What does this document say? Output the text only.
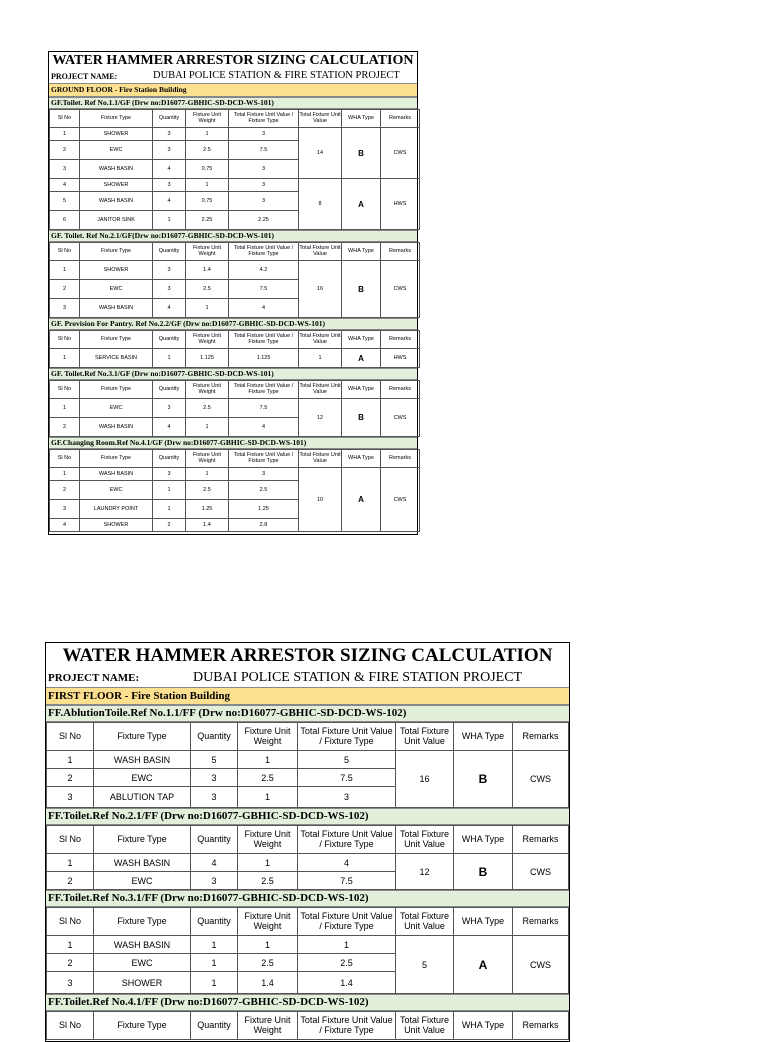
WATER HAMMER ARRESTOR SIZING CALCULATION
PROJECT NAME:	DUBAI POLICE STATION & FIRE STATION PROJECT
GROUND FLOOR - Fire Station Building
GF.Toilet. Ref No.1.1/GF (Drw no:D16077-GBHIC-SD-DCD-WS-101)
Sl No	Fixture Type	Quantity	Fixture Unit Weight	Total Fixture Unit Value / Fixture Type	Total Fixture Unit Value	WHA Type	Remarks
1	SHOWER	3	1	3	14	B	CWS
2	EWC	3	2.5	7.5			
3	WASH BASIN	4	0.75	3			
4	SHOWER	3	1	3	8	A	HWS
5	WASH BASIN	4	0.75	3			
6	JANITOR SINK	1	2.25	2.25			
GF. Toilet. Ref No.2.1/GF(Drw no:D16077-GBHIC-SD-DCD-WS-101)
Sl No	Fixture Type	Quantity	Fixture Unit Weight	Total Fixture Unit Value / Fixture Type	Total Fixture Unit Value	WHA Type	Remarks
1	SHOWER	3	1.4	4.2	16	B	CWS
2	EWC	3	2.5	7.5			
3	WASH BASIN	4	1	4			
GF. Provision For Pantry. Ref No.2.2/GF (Drw no:D16077-GBHIC-SD-DCD-WS-101)
Sl No	Fixture Type	Quantity	Fixture Unit Weight	Total Fixture Unit Value / Fixture Type	Total Fixture Unit Value	WHA Type	Remarks
1	SERVICE BASIN	1	1.125	1.125	1	A	HWS
GF. Toilet.Ref No.3.1/GF (Drw no:D16077-GBHIC-SD-DCD-WS-101)
Sl No	Fixture Type	Quantity	Fixture Unit Weight	Total Fixture Unit Value / Fixture Type	Total Fixture Unit Value	WHA Type	Remarks
1	EWC	3	2.5	7.5	12	B	CWS
2	WASH BASIN	4	1	4			
GF.Changing Room.Ref No.4.1/GF (Drw no:D16077-GBHIC-SD-DCD-WS-101)
Sl No	Fixture Type	Quantity	Fixture Unit Weight	Total Fixture Unit Value / Fixture Type	Total Fixture Unit Value	WHA Type	Remarks
1	WASH BASIN	3	1	3	10	A	CWS
2	EWC	1	2.5	2.5			
3	LAUNDRY POINT	1	1.25	1.25			
4	SHOWER	2	1.4	2.8			
WATER HAMMER ARRESTOR SIZING CALCULATION
PROJECT NAME:	DUBAI POLICE STATION & FIRE STATION PROJECT
FIRST FLOOR - Fire Station Building
FF.AblutionToile.Ref No.1.1/FF (Drw no:D16077-GBHIC-SD-DCD-WS-102)
Sl No	Fixture Type	Quantity	Fixture Unit Weight	Total Fixture Unit Value / Fixture Type	Total Fixture Unit Value	WHA Type	Remarks
1	WASH BASIN	5	1	5	16	B	CWS
2	EWC	3	2.5	7.5			
3	ABLUTION TAP	3	1	3			
FF.Toilet.Ref No.2.1/FF (Drw no:D16077-GBHIC-SD-DCD-WS-102)
Sl No	Fixture Type	Quantity	Fixture Unit Weight	Total Fixture Unit Value / Fixture Type	Total Fixture Unit Value	WHA Type	Remarks
1	WASH BASIN	4	1	4	12	B	CWS
2	EWC	3	2.5	7.5			
FF.Toilet.Ref No.3.1/FF (Drw no:D16077-GBHIC-SD-DCD-WS-102)
Sl No	Fixture Type	Quantity	Fixture Unit Weight	Total Fixture Unit Value / Fixture Type	Total Fixture Unit Value	WHA Type	Remarks
1	WASH BASIN	1	1	1	5	A	CWS
2	EWC	1	2.5	2.5			
3	SHOWER	1	1.4	1.4			
FF.Toilet.Ref No.4.1/FF (Drw no:D16077-GBHIC-SD-DCD-WS-102)
Sl No	Fixture Type	Quantity	Fixture Unit Weight	Total Fixture Unit Value / Fixture Type	Total Fixture Unit Value	WHA Type	Remarks
